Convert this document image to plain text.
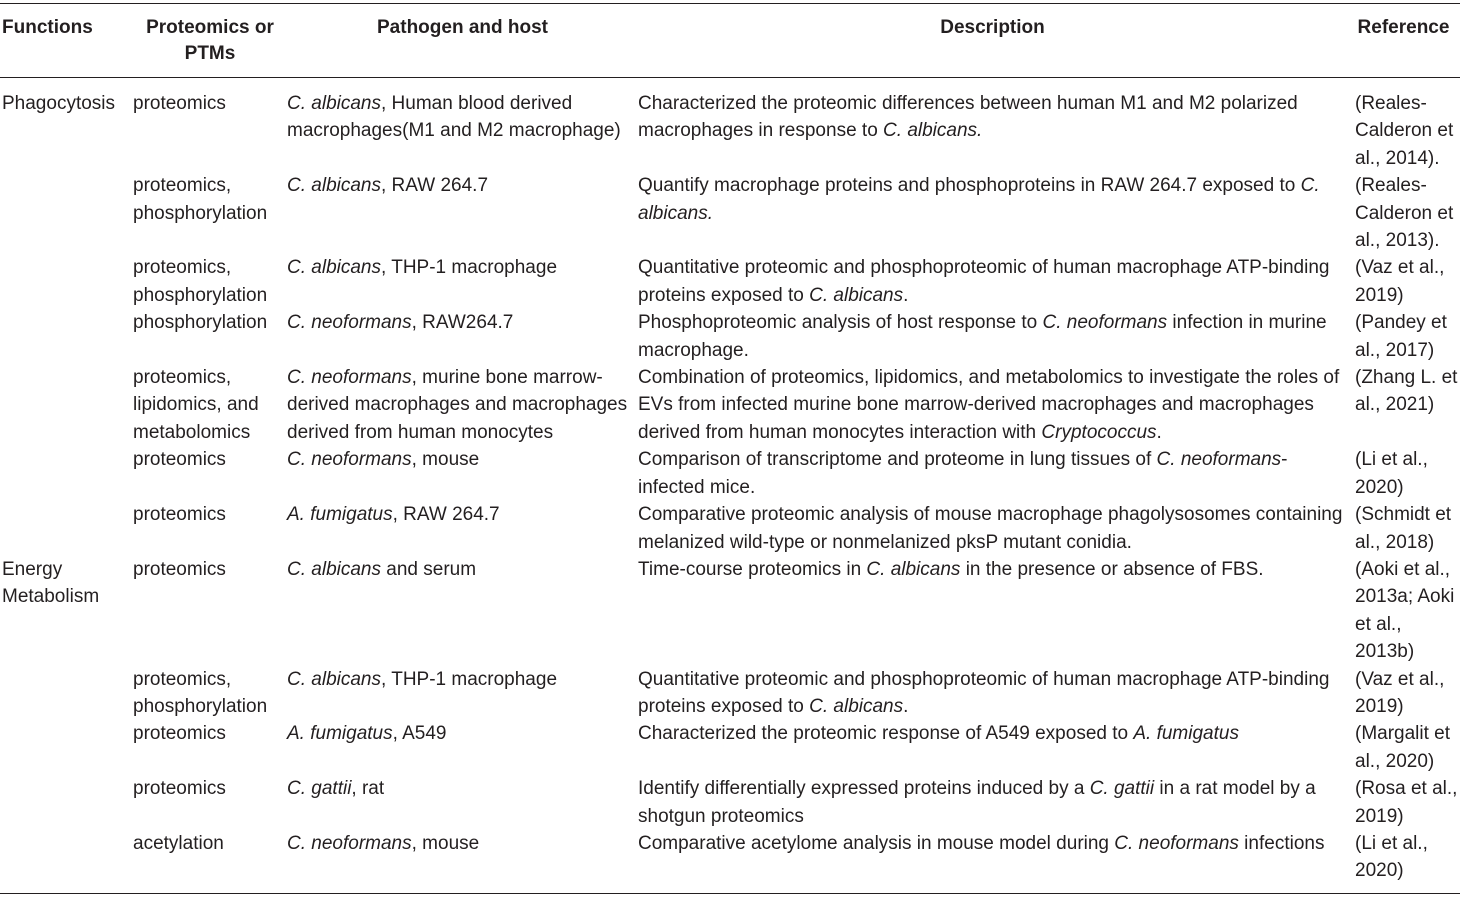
Functions	Proteomics or PTMs	Pathogen and host	Description	Reference
Phagocytosis	proteomics	C. albicans, Human blood derived macrophages(M1 and M2 macrophage)	Characterized the proteomic differences between human M1 and M2 polarized macrophages in response to C. albicans.	(Reales-Calderon et al., 2014).
	proteomics, phosphorylation	C. albicans, RAW 264.7	Quantify macrophage proteins and phosphoproteins in RAW 264.7 exposed to C. albicans.	(Reales-Calderon et al., 2013).
	proteomics, phosphorylation	C. albicans, THP-1 macrophage	Quantitative proteomic and phosphoproteomic of human macrophage ATP-binding proteins exposed to C. albicans.	(Vaz et al., 2019)
	phosphorylation	C. neoformans, RAW264.7	Phosphoproteomic analysis of host response to C. neoformans infection in murine macrophage.	(Pandey et al., 2017)
	proteomics, lipidomics, and metabolomics	C. neoformans, murine bone marrow-derived macrophages and macrophages derived from human monocytes	Combination of proteomics, lipidomics, and metabolomics to investigate the roles of EVs from infected murine bone marrow-derived macrophages and macrophages derived from human monocytes interaction with Cryptococcus.	(Zhang L. et al., 2021)
	proteomics	C. neoformans, mouse	Comparison of transcriptome and proteome in lung tissues of C. neoformans-infected mice.	(Li et al., 2020)
	proteomics	A. fumigatus, RAW 264.7	Comparative proteomic analysis of mouse macrophage phagolysosomes containing melanized wild-type or nonmelanized pksP mutant conidia.	(Schmidt et al., 2018)
Energy Metabolism	proteomics	C. albicans and serum	Time-course proteomics in C. albicans in the presence or absence of FBS.	(Aoki et al., 2013a; Aoki et al., 2013b)
	proteomics, phosphorylation	C. albicans, THP-1 macrophage	Quantitative proteomic and phosphoproteomic of human macrophage ATP-binding proteins exposed to C. albicans.	(Vaz et al., 2019)
	proteomics	A. fumigatus, A549	Characterized the proteomic response of A549 exposed to A. fumigatus	(Margalit et al., 2020)
	proteomics	C. gattii, rat	Identify differentially expressed proteins induced by a C. gattii in a rat model by a shotgun proteomics	(Rosa et al., 2019)
	acetylation	C. neoformans, mouse	Comparative acetylome analysis in mouse model during C. neoformans infections	(Li et al., 2020)
